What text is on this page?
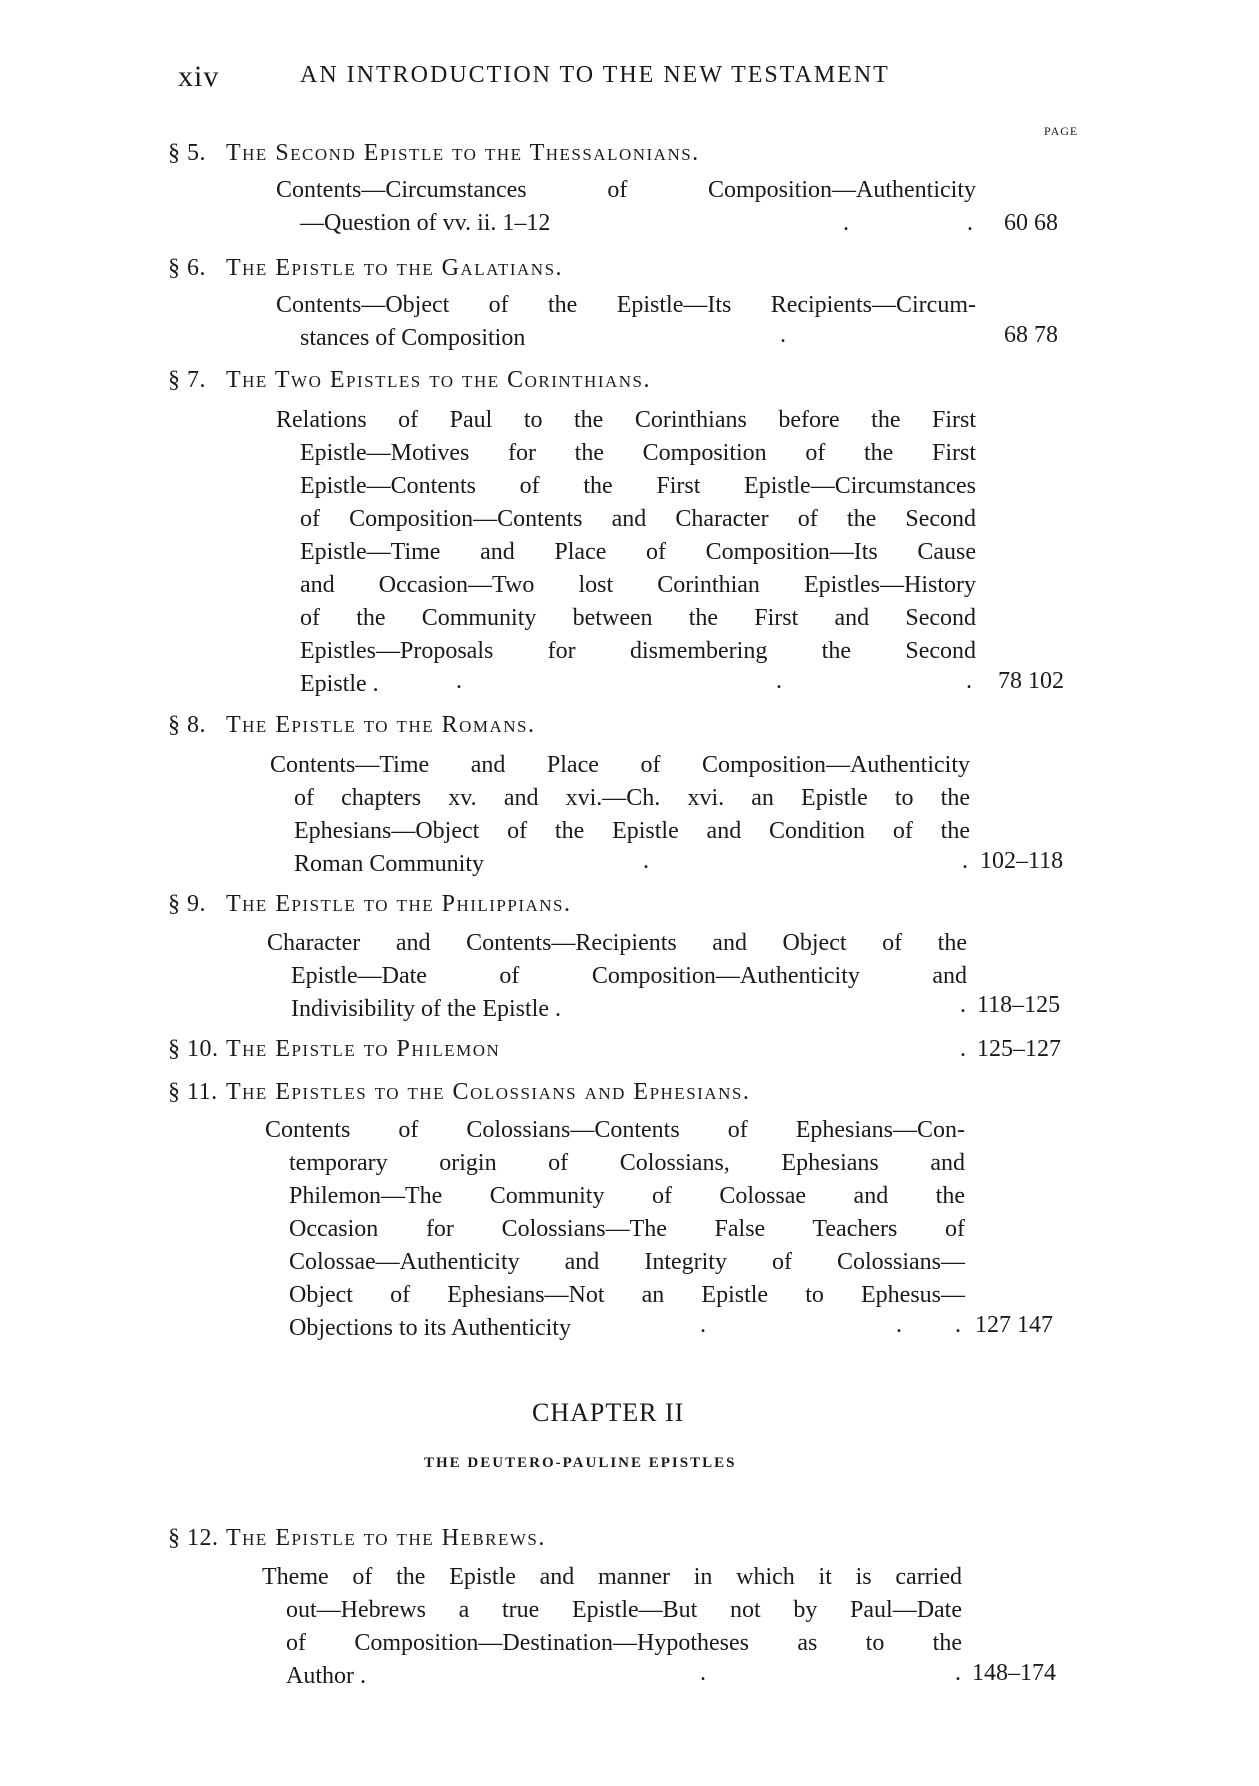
xiv	AN INTRODUCTION TO THE NEW TESTAMENT
PAGE
§ 5. The Second Epistle to the Thessalonians.
Contents—Circumstances of Composition—Authenticity
—Question of vv. ii. 1–12	.	. 60 68
§ 6. The Epistle to the Galatians.
Contents—Object of the Epistle—Its Recipients—Circum-
stances of Composition	.	68 78
§ 7. The Two Epistles to the Corinthians.
Relations of Paul to the Corinthians before the First
Epistle—Motives for the Composition of the First
Epistle—Contents of the First Epistle—Circumstances
of Composition—Contents and Character of the Second
Epistle—Time and Place of Composition—Its Cause
and Occasion—Two lost Corinthian Epistles—History
of the Community between the First and Second
Epistles—Proposals for dismembering the Second
Epistle .	.	.	. 78 102
§ 8. The Epistle to the Romans.
Contents—Time and Place of Composition—Authenticity
of chapters xv. and xvi.—Ch. xvi. an Epistle to the
Ephesians—Object of the Epistle and Condition of the
Roman Community	.	. 102–118
§ 9. The Epistle to the Philippians.
Character and Contents—Recipients and Object of the
Epistle—Date of Composition—Authenticity and
Indivisibility of the Epistle .	. 118–125
§ 10. The Epistle to Philemon	. 125–127
§ 11. The Epistles to the Colossians and Ephesians.
Contents of Colossians—Contents of Ephesians—Con-
temporary origin of Colossians, Ephesians and
Philemon—The Community of Colossae and the
Occasion for Colossians—The False Teachers of
Colossae—Authenticity and Integrity of Colossians—
Object of Ephesians—Not an Epistle to Ephesus—
Objections to its Authenticity	.	. . 127 147
CHAPTER II
THE DEUTERO-PAULINE EPISTLES
§ 12. The Epistle to the Hebrews.
Theme of the Epistle and manner in which it is carried
out—Hebrews a true Epistle—But not by Paul—Date
of Composition—Destination—Hypotheses as to the
Author .	.	. 148–174
